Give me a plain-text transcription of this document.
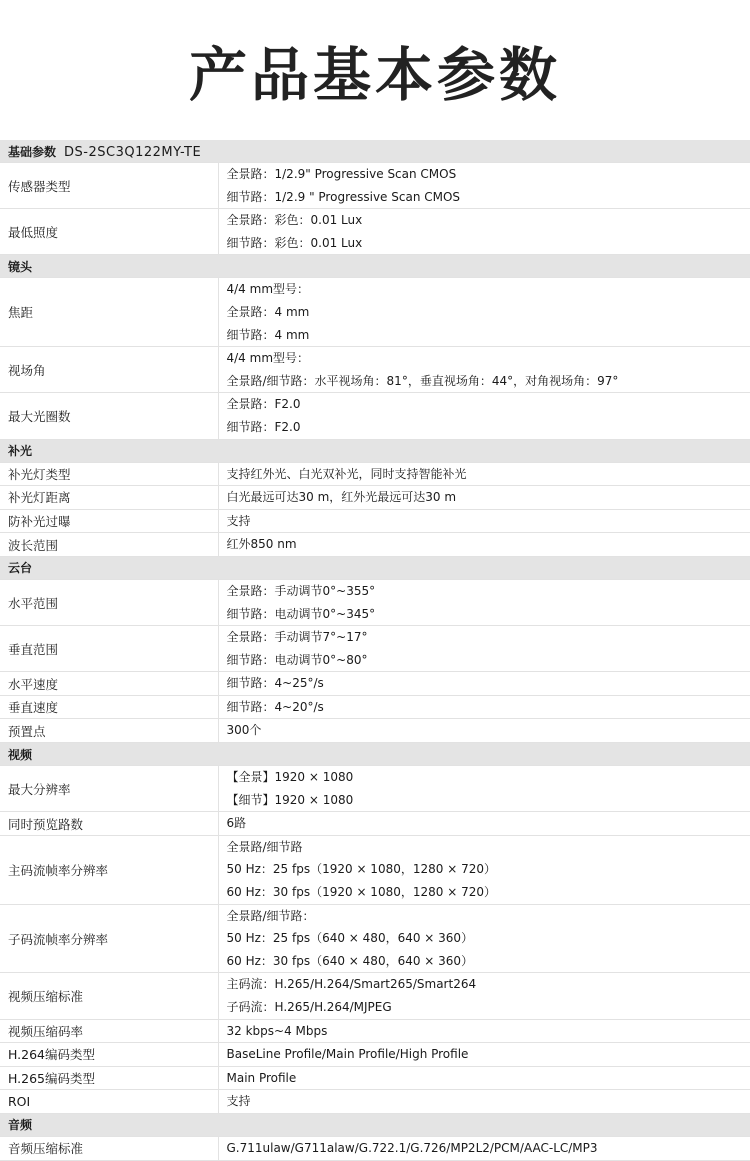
产品基本参数
基础参数 DS-2SC3Q122MY-TE	
传感器类型	全景路：1/2.9" Progressive Scan CMOS
细节路：1/2.9 " Progressive Scan CMOS

最低照度	全景路：彩色：0.01 Lux
细节路：彩色：0.01 Lux

镜头	
焦距	4/4 mm型号：
全景路：4 mm
细节路：4 mm

视场角	4/4 mm型号：
全景路/细节路：水平视场角：81°，垂直视场角：44°，对角视场角：97°

最大光圈数	全景路：F2.0
细节路：F2.0

补光	
补光灯类型	支持红外光、白光双补光，同时支持智能补光

补光灯距离	白光最远可达30 m，红外光最远可达30 m

防补光过曝	支持

波长范围	红外850 nm

云台	
水平范围	全景路：手动调节0°~355°
细节路：电动调节0°~345°

垂直范围	全景路：手动调节7°~17°
细节路：电动调节0°~80°

水平速度	细节路：4~25°/s

垂直速度	细节路：4~20°/s

预置点	300个

视频	
最大分辨率	【全景】1920 × 1080
【细节】1920 × 1080

同时预览路数	6路

主码流帧率分辨率	全景路/细节路
50 Hz：25 fps（1920 × 1080，1280 × 720）
60 Hz：30 fps（1920 × 1080，1280 × 720）

子码流帧率分辨率	全景路/细节路：
50 Hz：25 fps（640 × 480，640 × 360）
60 Hz：30 fps（640 × 480，640 × 360）

视频压缩标准	主码流：H.265/H.264/Smart265/Smart264
子码流：H.265/H.264/MJPEG

视频压缩码率	32 kbps~4 Mbps

H.264编码类型	BaseLine Profile/Main Profile/High Profile

H.265编码类型	Main Profile

ROI	支持

音频	
音频压缩标准	G.711ulaw/G711alaw/G.722.1/G.726/MP2L2/PCM/AAC-LC/MP3
